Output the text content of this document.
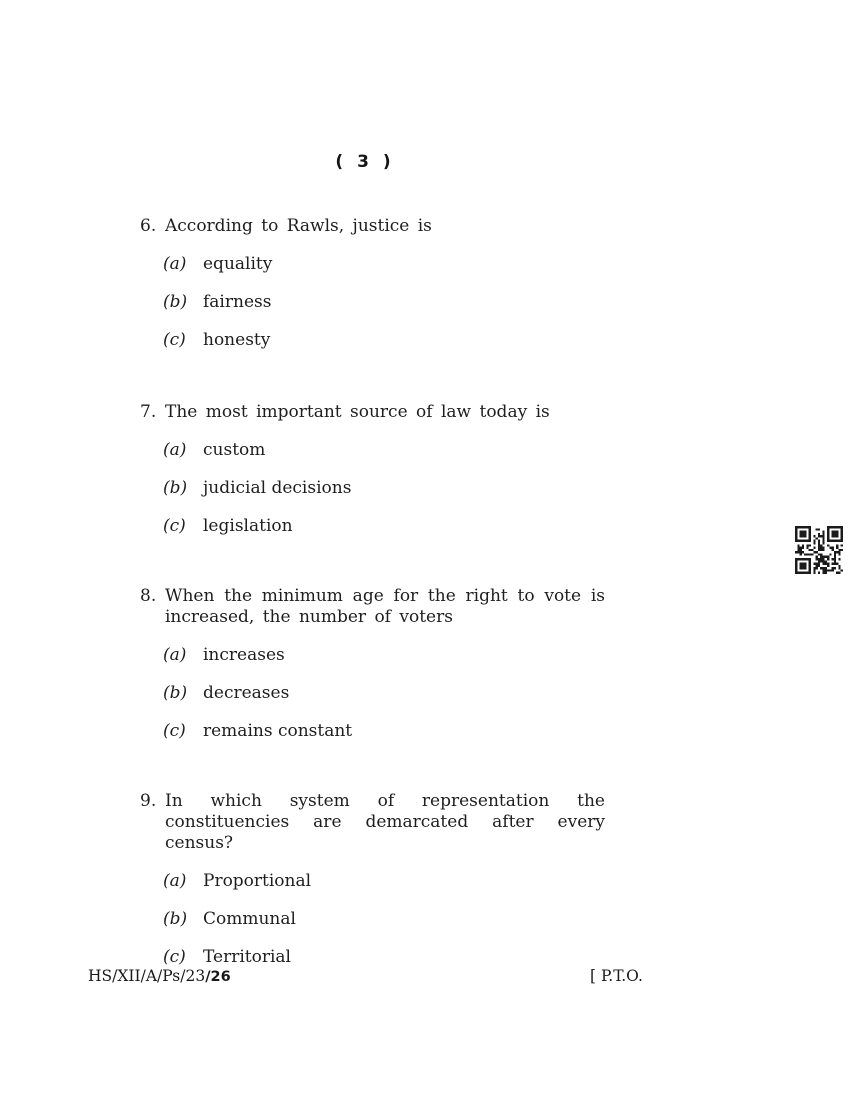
( 3 )
6. According to Rawls, justice is
(a) equality
(b) fairness
(c)	honesty
7. The most important source of law today is
(a) custom
(b) judicial decisions
(c)	legislation
8. When the minimum age for the right to vote is increased, the number of voters
(a) increases
(b) decreases
(c)	remains constant
9. In which system of representation the constituencies are demarcated after every census?
(a) Proportional
(b) Communal
(c)	Territorial
HS/XII/A/Ps/23/26	[ P.T.O.
